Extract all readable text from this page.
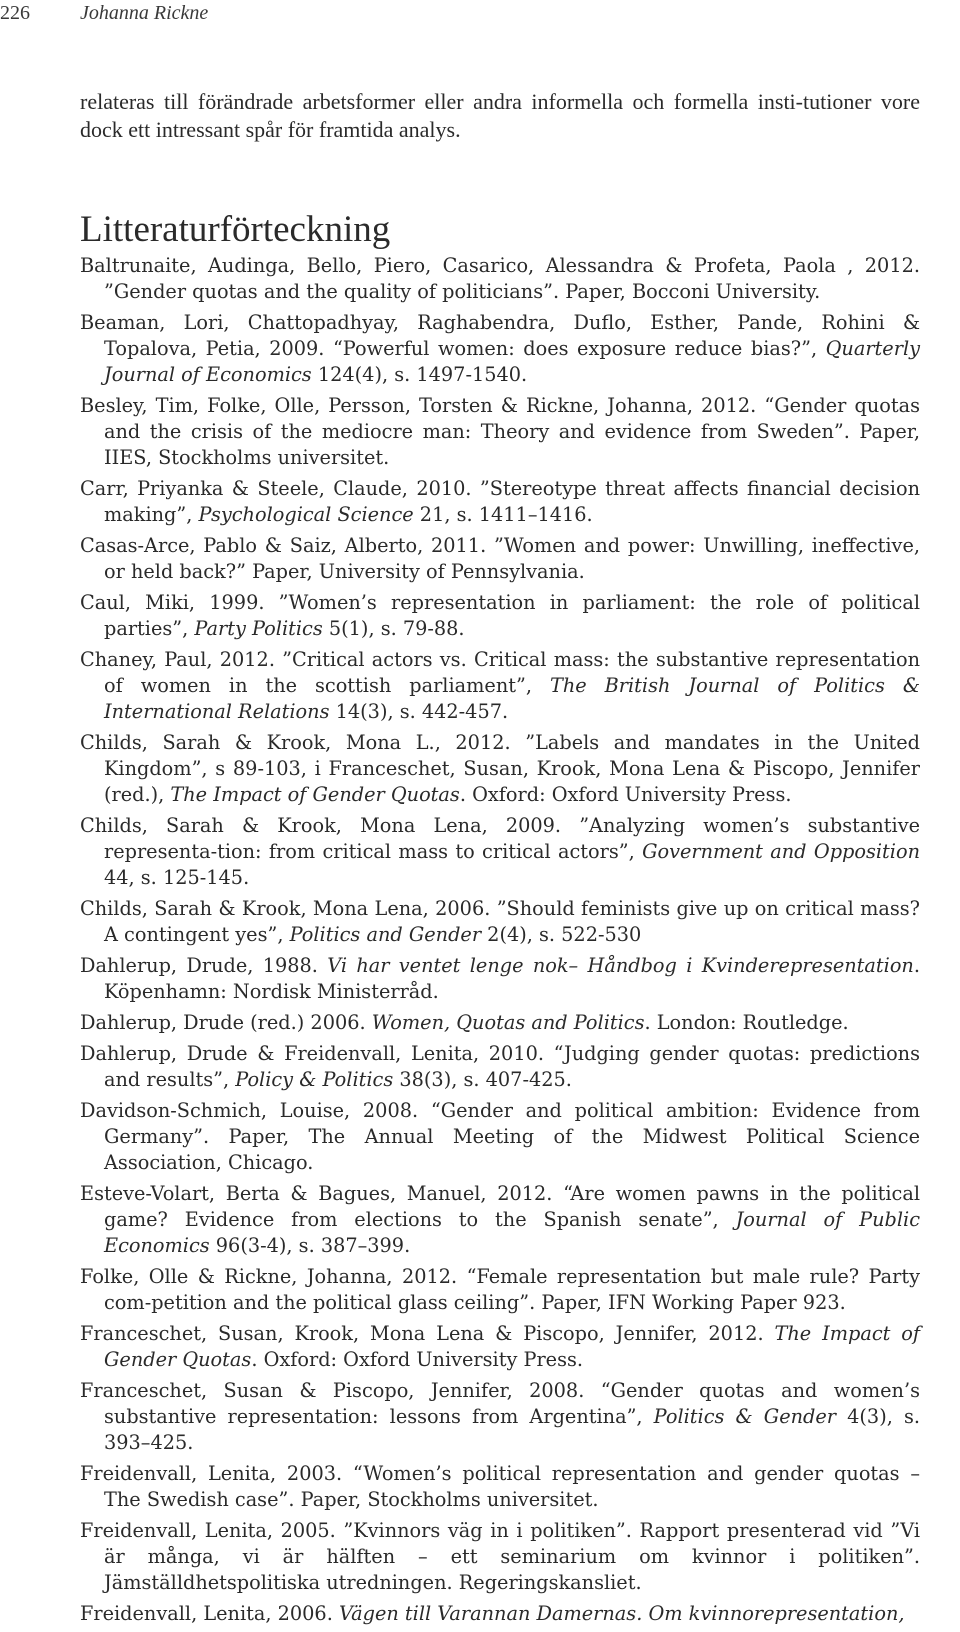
226	Johanna Rickne

relateras till förändrade arbetsformer eller andra informella och formella insti-tutioner vore dock ett intressant spår för framtida analys.

Litteraturförteckning
Baltrunaite, Audinga, Bello, Piero, Casarico, Alessandra & Profeta, Paola , 2012. ”Gender quotas and the quality of politicians”. Paper, Bocconi University.
Beaman, Lori, Chattopadhyay, Raghabendra, Duflo, Esther, Pande, Rohini & Topalova, Petia, 2009. “Powerful women: does exposure reduce bias?”, Quarterly Journal of Economics 124(4), s. 1497-1540.
Besley, Tim, Folke, Olle, Persson, Torsten & Rickne, Johanna, 2012. “Gender quotas and the crisis of the mediocre man: Theory and evidence from Sweden”. Paper, IIES, Stockholms universitet.
Carr, Priyanka & Steele, Claude, 2010. ”Stereotype threat affects financial decision making”, Psychological Science 21, s. 1411–1416.
Casas-Arce, Pablo & Saiz, Alberto, 2011. ”Women and power: Unwilling, ineffective, or held back?” Paper, University of Pennsylvania.
Caul, Miki, 1999. ”Women’s representation in parliament: the role of political parties”, Party Politics 5(1), s. 79-88.
Chaney, Paul, 2012. ”Critical actors vs. Critical mass: the substantive representation of women in the scottish parliament”, The British Journal of Politics & International Relations 14(3), s. 442-457.
Childs, Sarah & Krook, Mona L., 2012. ”Labels and mandates in the United Kingdom”, s 89-103, i Franceschet, Susan, Krook, Mona Lena & Piscopo, Jennifer (red.), The Impact of Gender Quotas. Oxford: Oxford University Press.
Childs, Sarah & Krook, Mona Lena, 2009. ”Analyzing women’s substantive representa-tion: from critical mass to critical actors”, Government and Opposition 44, s. 125-145.
Childs, Sarah & Krook, Mona Lena, 2006. ”Should feminists give up on critical mass? A contingent yes”, Politics and Gender 2(4), s. 522-530
Dahlerup, Drude, 1988. Vi har ventet lenge nok– Håndbog i Kvinderepresentation. Köpenhamn: Nordisk Ministerråd.
Dahlerup, Drude (red.) 2006. Women, Quotas and Politics. London: Routledge.
Dahlerup, Drude & Freidenvall, Lenita, 2010. “Judging gender quotas: predictions and results”, Policy & Politics 38(3), s. 407-425.
Davidson-Schmich, Louise, 2008. “Gender and political ambition: Evidence from Germany”. Paper, The Annual Meeting of the Midwest Political Science Association, Chicago.
Esteve-Volart, Berta & Bagues, Manuel, 2012. “Are women pawns in the political game? Evidence from elections to the Spanish senate”, Journal of Public Economics 96(3-4), s. 387–399.
Folke, Olle & Rickne, Johanna, 2012. “Female representation but male rule? Party com-petition and the political glass ceiling”. Paper, IFN Working Paper 923.
Franceschet, Susan, Krook, Mona Lena & Piscopo, Jennifer, 2012. The Impact of Gender Quotas. Oxford: Oxford University Press.
Franceschet, Susan & Piscopo, Jennifer, 2008. “Gender quotas and women’s substantive representation: lessons from Argentina”, Politics & Gender 4(3), s. 393–425.
Freidenvall, Lenita, 2003. “Women’s political representation and gender quotas – The Swedish case”. Paper, Stockholms universitet.
Freidenvall, Lenita, 2005. ”Kvinnors väg in i politiken”. Rapport presenterad vid ”Vi är många, vi är hälften – ett seminarium om kvinnor i politiken”. Jämställdhetspolitiska utredningen. Regeringskansliet.
Freidenvall, Lenita, 2006. Vägen till Varannan Damernas. Om kvinnorepresentation,
